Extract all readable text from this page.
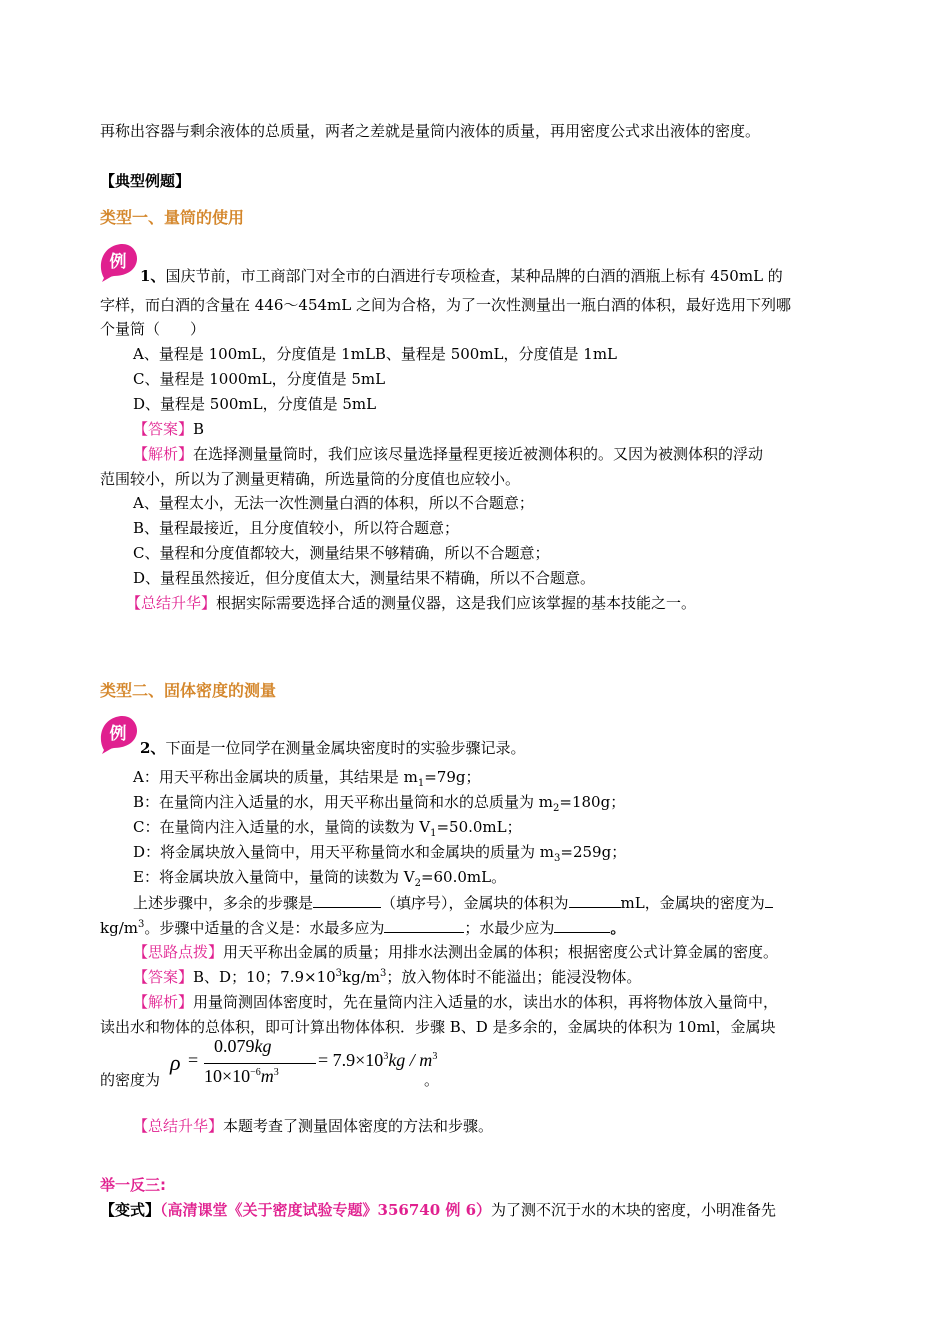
再称出容器与剩余液体的总质量，两者之差就是量筒内液体的质量，再用密度公式求出液体的密度。
【典型例题】
类型一、量筒的使用
例
1、国庆节前，市工商部门对全市的白酒进行专项检查，某种品牌的白酒的酒瓶上标有 450mL 的
字样，而白酒的含量在 446～454mL 之间为合格，为了一次性测量出一瓶白酒的体积，最好选用下列哪
个量筒（　　）
A、量程是 100mL，分度值是 1mLB、量程是 500mL，分度值是 1mL
C、量程是 1000mL，分度值是 5mL
D、量程是 500mL，分度值是 5mL
【答案】B
【解析】在选择测量量筒时，我们应该尽量选择量程更接近被测体积的。又因为被测体积的浮动
范围较小，所以为了测量更精确，所选量筒的分度值也应较小。
A、量程太小，无法一次性测量白酒的体积，所以不合题意；
B、量程最接近，且分度值较小，所以符合题意；
C、量程和分度值都较大，测量结果不够精确，所以不合题意；
D、量程虽然接近，但分度值太大，测量结果不精确，所以不合题意。
【总结升华】根据实际需要选择合适的测量仪器，这是我们应该掌握的基本技能之一。
类型二、固体密度的测量
例
2、下面是一位同学在测量金属块密度时的实验步骤记录。
A：用天平称出金属块的质量，其结果是 $m_1=79g$；
B：在量筒内注入适量的水，用天平称出量筒和水的总质量为 $m_2=180g$；
C：在量筒内注入适量的水，量筒的读数为 $V_1=50.0mL$；
D：将金属块放入量筒中，用天平称量筒水和金属块的质量为 $m_3=259g$；
E：将金属块放入量筒中，量筒的读数为 $V_2=60.0mL$。
上述步骤中，多余的步骤是	（填序号），金属块的体积为	mL，金属块的密度为
$kg/m^3$。步骤中适量的含义是：水最多应为	；水最少应为	。
【思路点拨】用天平称出金属的质量；用排水法测出金属的体积；根据密度公式计算金属的密度。
【答案】B、D；10；$7.9\times 10^3kg/m^3$；放入物体时不能溢出；能浸没物体。
【解析】用量筒测固体密度时，先在量筒内注入适量的水，读出水的体积，再将物体放入量筒中，
读出水和物体的总体积，即可计算出物体体积．步骤 B、D 是多余的，金属块的体积为 10ml，金属块
的密度为
ρ =
0.079kg
$10\times 10^{-6}m^3$
= $7.9\times 10^3kg / m^3$
。
【总结升华】本题考查了测量固体密度的方法和步骤。
举一反三:
【变式】（高清课堂《关于密度试验专题》356740 例 6）为了测不沉于水的木块的密度，小明准备先
